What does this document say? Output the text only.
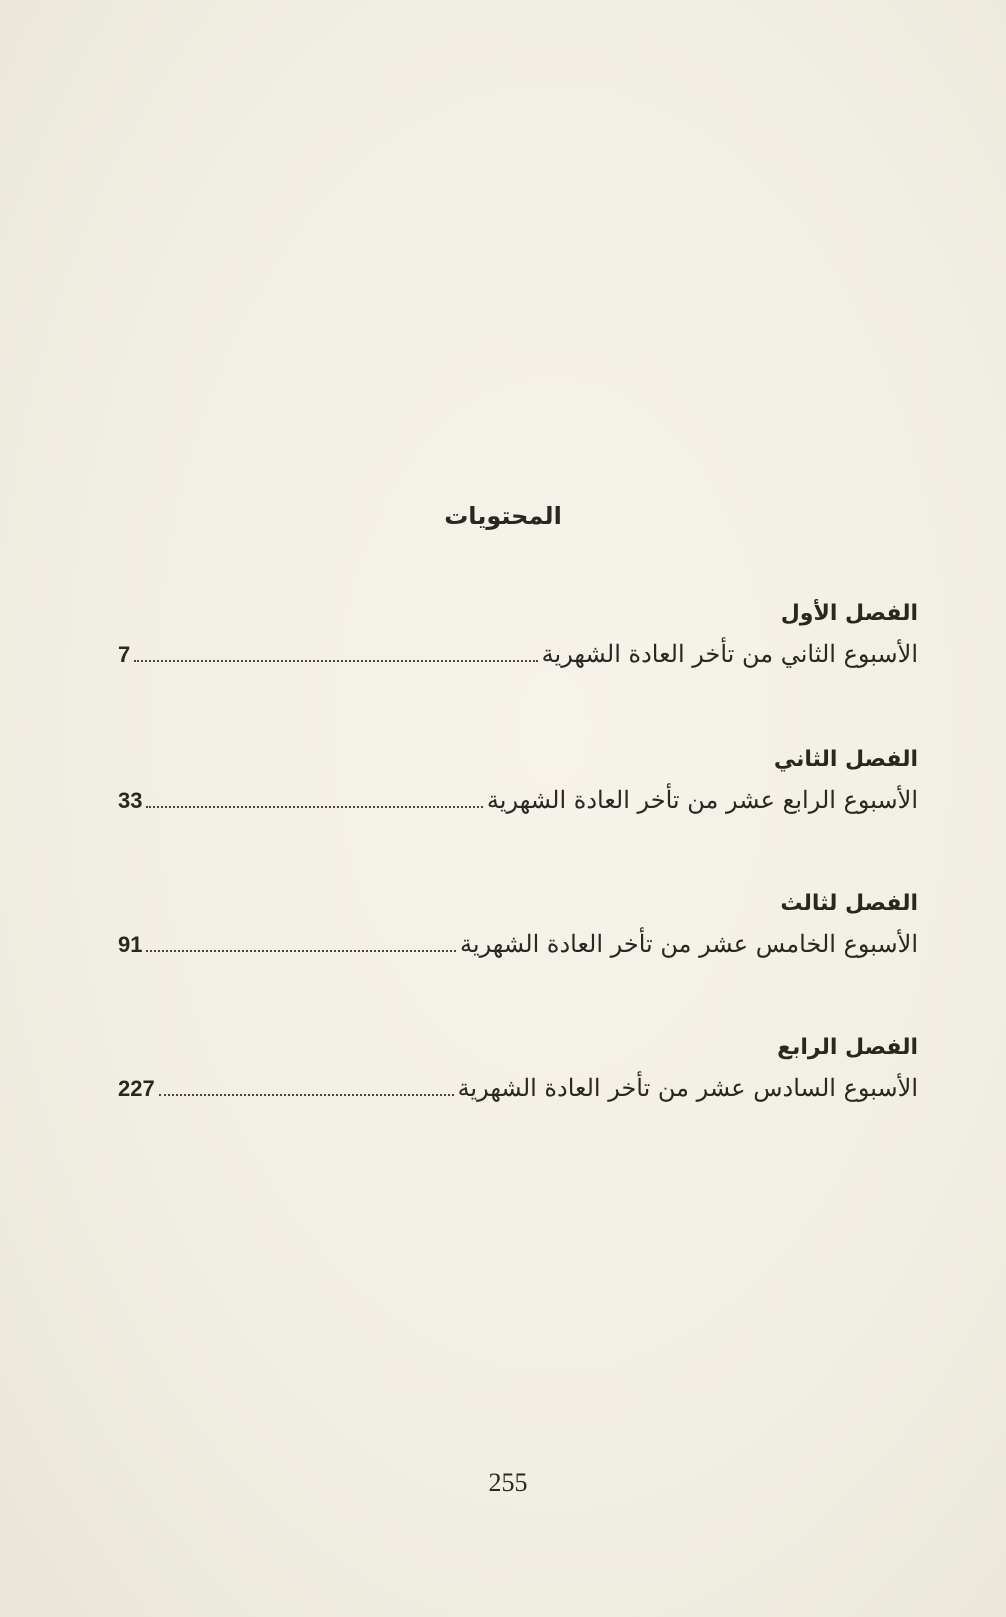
المحتويات
الفصل الأول
الأسبوع الثاني من تأخر العادة الشهرية
7
الفصل الثاني
الأسبوع الرابع عشر من تأخر العادة الشهرية
33
الفصل لثالث
الأسبوع الخامس عشر من تأخر العادة الشهرية
91
الفصل الرابع
الأسبوع السادس عشر من تأخر العادة الشهرية
227
255
